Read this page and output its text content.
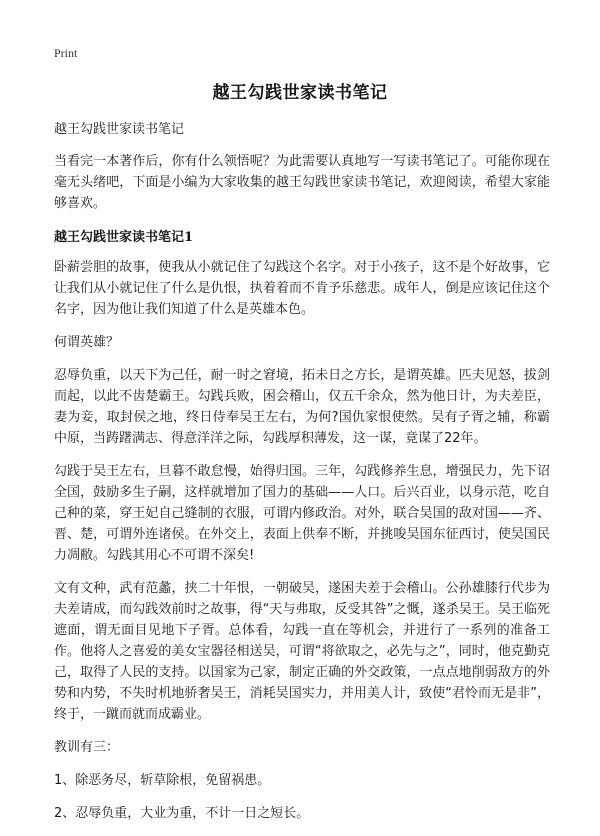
Print
越王勾践世家读书笔记

越王勾践世家读书笔记

当看完一本著作后，你有什么领悟呢？为此需要认真地写一写读书笔记了。可能你现在毫无头绪吧，下面是小编为大家收集的越王勾践世家读书笔记，欢迎阅读，希望大家能够喜欢。

越王勾践世家读书笔记1

卧薪尝胆的故事，使我从小就记住了勾践这个名字。对于小孩子，这不是个好故事，它让我们从小就记住了什么是仇恨，执着着而不肯予乐慈悲。成年人，倒是应该记住这个名字，因为他让我们知道了什么是英雄本色。

何谓英雄？

忍辱负重，以天下为己任，耐一时之窘境，拓未日之方长，是谓英雄。匹夫见怒，拔剑而起，以此不齿楚霸王。勾践兵败，困会稽山，仅五千余众，然为他日计，为夫差臣，妻为妾，取封侯之地，终日侍奉吴王左右，为何?国仇家恨使然。吴有子胥之辅，称霸中原，当踌躇满志、得意洋洋之际，勾践厚积薄发，这一谋，竟谋了22年。

勾践于吴王左右，旦暮不敢怠慢，始得归国。三年，勾践修养生息，增强民力，先下诏全国，鼓励多生子嗣，这样就增加了国力的基础——人口。后兴百业，以身示范，吃自己种的菜，穿王妃自己缝制的衣服，可谓内修政治。对外，联合吴国的敌对国——齐、晋、楚，可谓外连诸侯。在外交上，表面上供奉不断，并挑唆吴国东征西讨，使吴国民力凋敝。勾践其用心不可谓不深矣!

文有文种，武有范蠡，挟二十年恨，一朝破吴，遂困夫差于会稽山。公孙雄膝行代步为夫差请成，而勾践效前时之故事，得“天与弗取，反受其咎”之慨，遂杀吴王。吴王临死遮面，谓无面目见地下子胥。总体看，勾践一直在等机会，并进行了一系列的准备工作。他将人之喜爱的美女宝器径相送吴，可谓“将欲取之，必先与之”，同时，他克勤克己，取得了人民的支持。以国家为己家，制定正确的外交政策，一点点地削弱敌方的外势和内势，不失时机地骄奢吴王，消耗吴国实力，并用美人计，致使“君怜而无是非”，终于，一蹴而就而成霸业。

教训有三：

1、除恶务尽，斩草除根，免留祸患。

2、忍辱负重，大业为重，不计一日之短长。
